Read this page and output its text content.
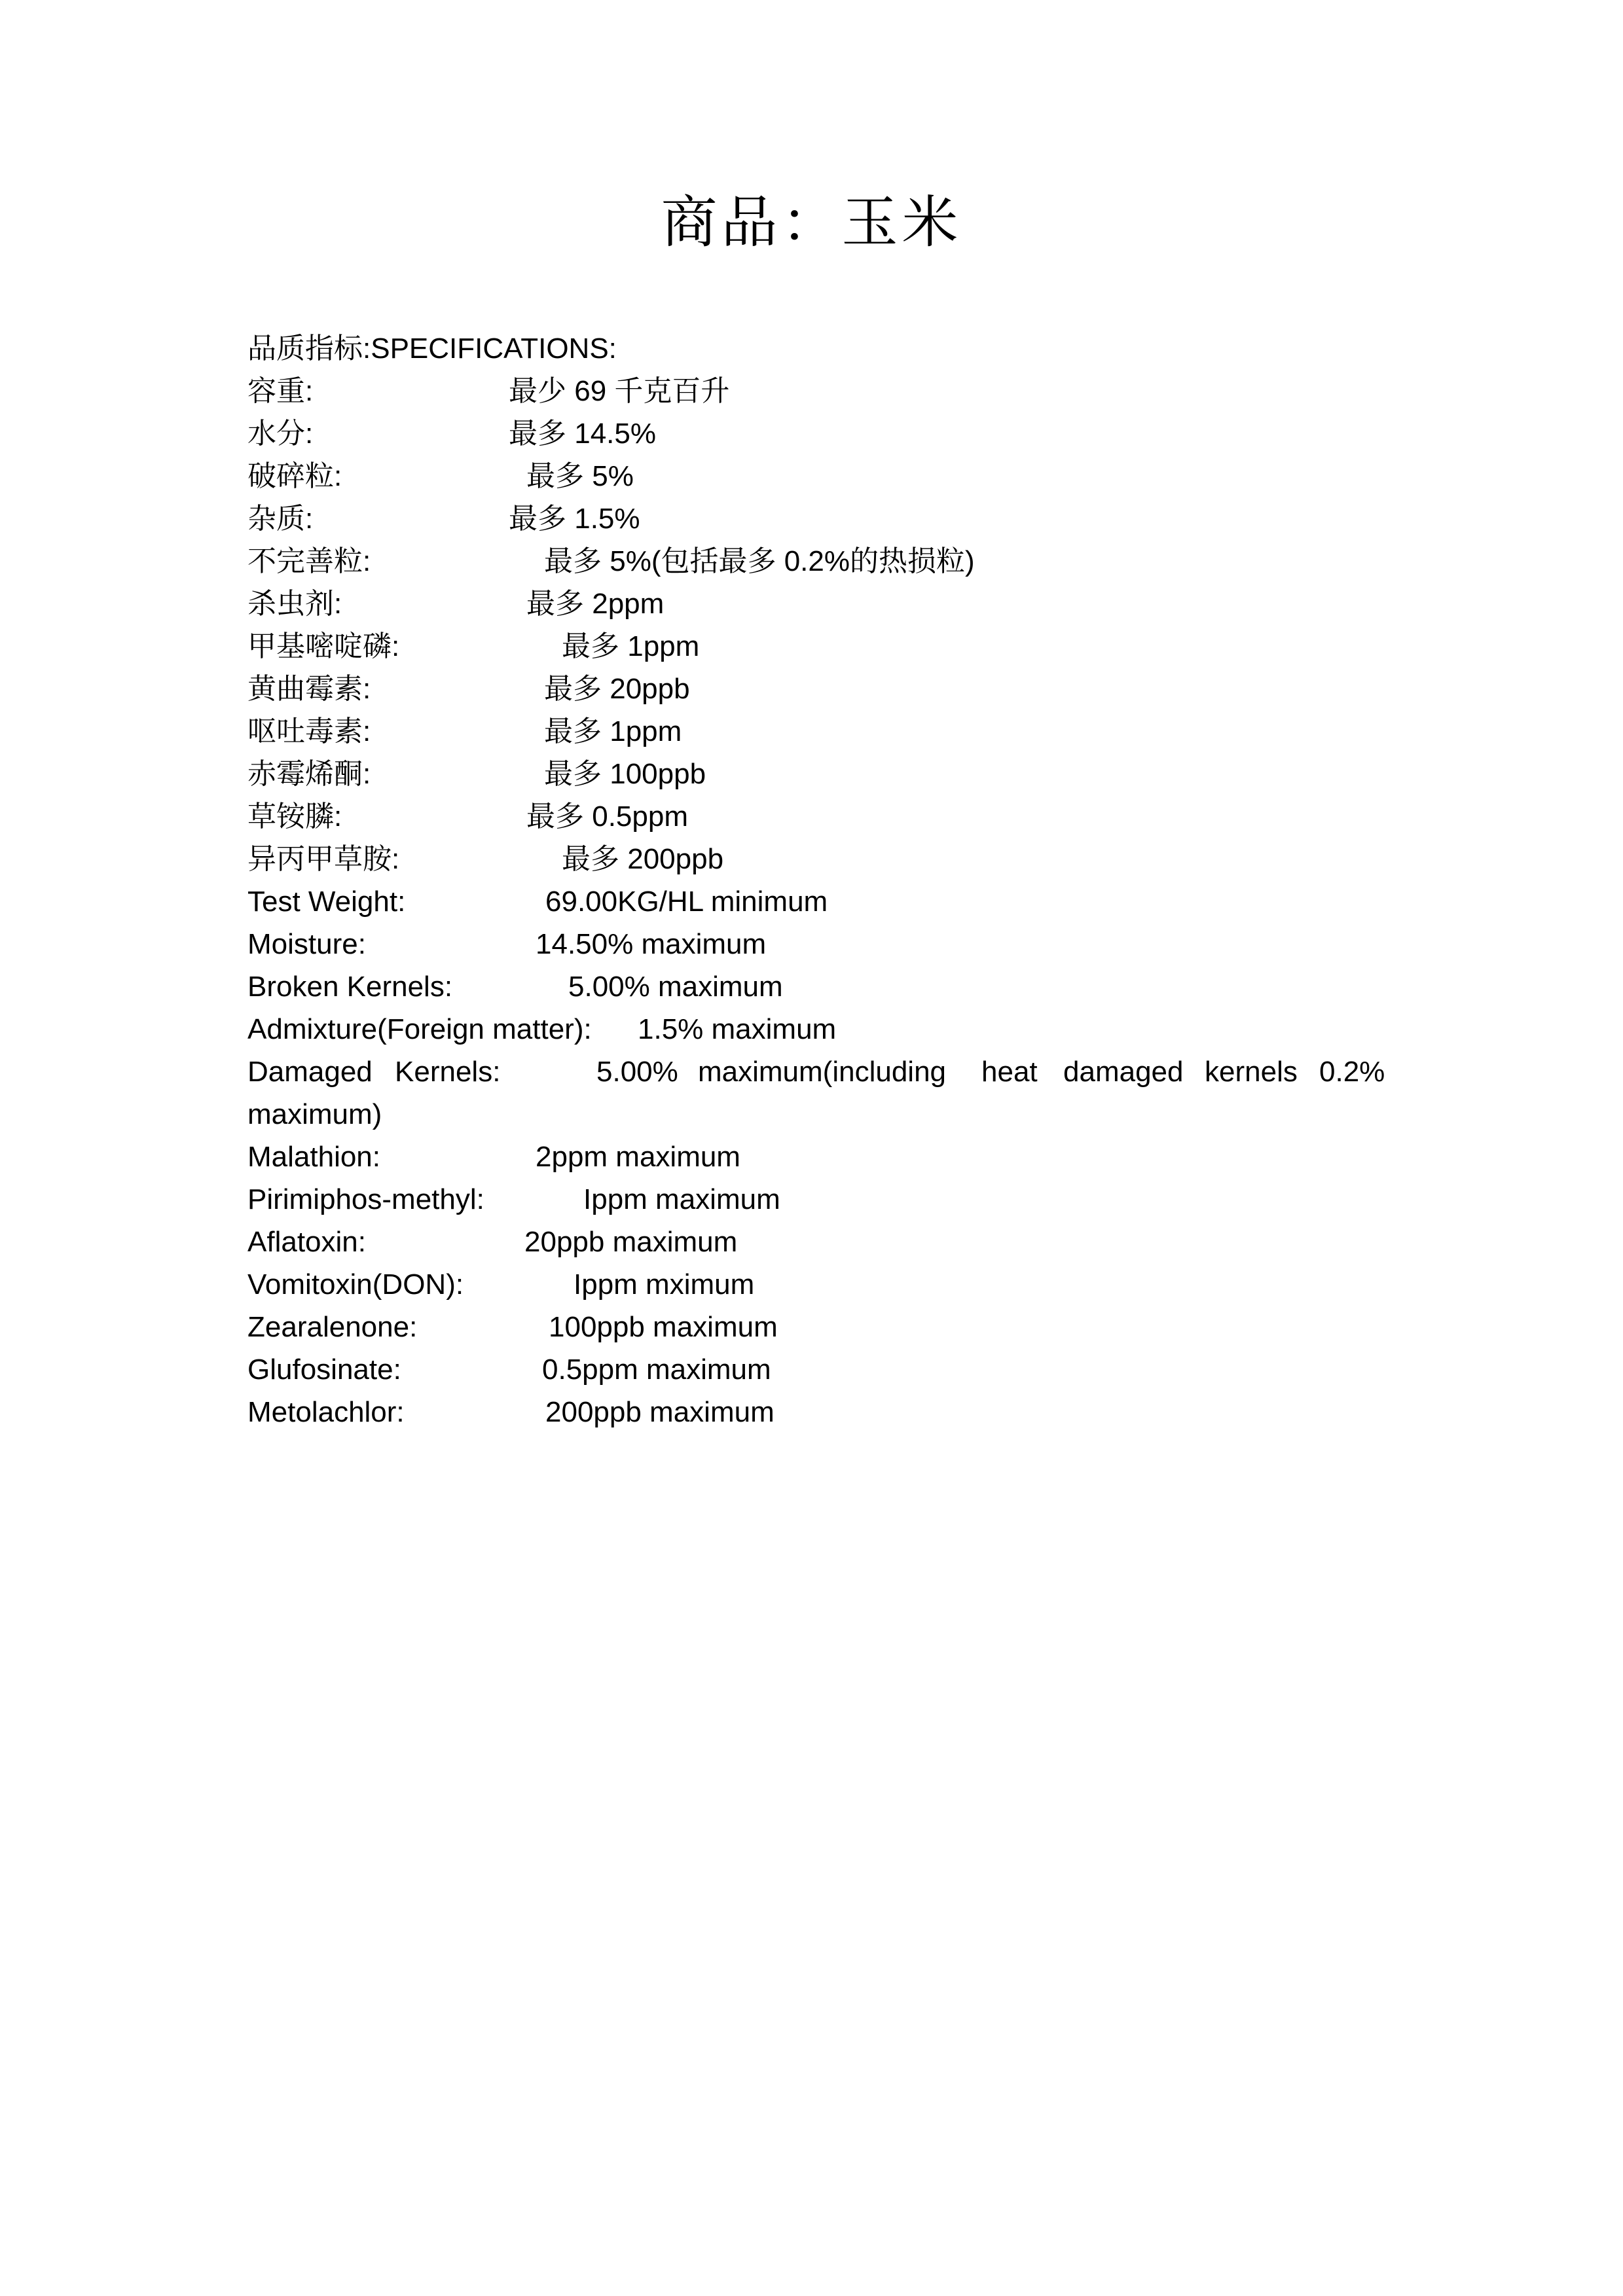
商品：玉米
品质指标:SPECIFICATIONS:
容重:	最少 69 千克百升
水分:	最多 14.5%
破碎粒:	最多 5%
杂质:	最多 1.5%
不完善粒:	最多 5%(包括最多 0.2%的热损粒)
杀虫剂:	最多 2ppm
甲基嘧啶磷:	最多 1ppm
黄曲霉素:	最多 20ppb
呕吐毒素:	最多 1ppm
赤霉烯酮:	最多 100ppb
草铵膦:	最多 0.5ppm
异丙甲草胺:	最多 200ppb
Test Weight:	69.00KG/HL minimum
Moisture:	14.50% maximum
Broken Kernels:	5.00% maximum
Admixture(Foreign matter): 1.5% maximum
Damaged Kernels:	5.00% maximum(including heat damaged kernels 0.2%
maximum)
Malathion:	2ppm maximum
Pirimiphos-methyl:	Ippm maximum
Aflatoxin:	20ppb maximum
Vomitoxin(DON):	Ippm mximum
Zearalenone:	100ppb maximum
Glufosinate:	0.5ppm maximum
Metolachlor:	200ppb maximum
